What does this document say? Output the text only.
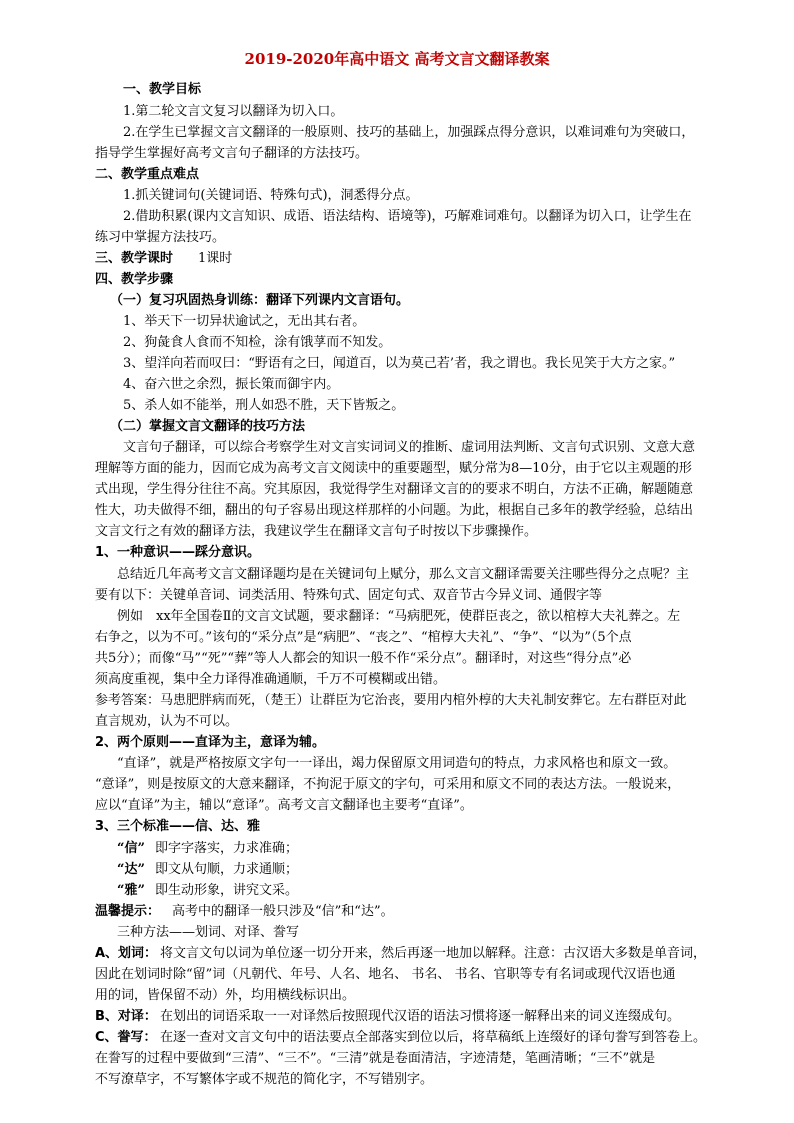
2019-2020年高中语文 高考文言文翻译教案
一、教学目标
1.第二轮文言文复习以翻译为切入口。
2.在学生已掌握文言文翻译的一般原则、技巧的基础上，加强踩点得分意识，以难词难句为突破口，
指导学生掌握好高考文言句子翻译的方法技巧。
二、教学重点难点
1.抓关键词句(关键词语、特殊句式)，洞悉得分点。
2.借助积累(课内文言知识、成语、语法结构、语境等)，巧解难词难句。以翻译为切入口，让学生在
练习中掌握方法技巧。
三、教学课时 1课时
四、教学步骤
（一）复习巩固热身训练：翻译下列课内文言语句。
1、举天下一切异状逾试之，无出其右者。
2、狗彘食人食而不知检，涂有饿莩而不知发。
3、望洋向若而叹曰：“野语有之曰，闻道百，以为莫己若’者，我之谓也。我长见笑于大方之家。”
4、奋六世之余烈，振长策而御宇内。
5、杀人如不能举，刑人如恐不胜，天下皆叛之。
（二）掌握文言文翻译的技巧方法
文言句子翻译，可以综合考察学生对文言实词词义的推断、虚词用法判断、文言句式识别、文意大意
理解等方面的能力，因而它成为高考文言文阅读中的重要题型，赋分常为8—10分，由于它以主观题的形
式出现，学生得分往往不高。究其原因，我觉得学生对翻译文言的的要求不明白，方法不正确，解题随意
性大，功夫做得不细，翻出的句子容易出现这样那样的小问题。为此，根据自己多年的教学经验，总结出
文言文行之有效的翻译方法，我建议学生在翻译文言句子时按以下步骤操作。
1、一种意识——踩分意识。
总结近几年高考文言文翻译题均是在关键词句上赋分，那么文言文翻译需要关注哪些得分之点呢？主
要有以下：关键单音词、词类活用、特殊句式、固定句式、双音节古今异义词、通假字等
例如　xx年全国卷Ⅱ的文言文试题，要求翻译：“马病肥死，使群臣丧之，欲以棺椁大夫礼葬之。左
右争之，以为不可。”该句的“采分点”是“病肥”、“丧之”、“棺椁大夫礼”、“争”、“以为”（5个点
共5分）；而像“马”“死”“葬”等人人都会的知识一般不作“采分点”。翻译时，对这些“得分点”必
须高度重视，集中全力译得准确通顺，千万不可模糊或出错。
参考答案：马患肥胖病而死，（楚王）让群臣为它治丧，要用内棺外椁的大夫礼制安葬它。左右群臣对此
直言规劝，认为不可以。
2、两个原则——直译为主，意译为辅。
“直译”，就是严格按原文字句一一译出，竭力保留原文用词造句的特点，力求风格也和原文一致。
“意译”，则是按原文的大意来翻译，不拘泥于原文的字句，可采用和原文不同的表达方法。一般说来，
应以“直译”为主，辅以“意译”。高考文言文翻译也主要考“直译”。
3、三个标准——信、达、雅
“信” 即字字落实，力求准确；
“达” 即文从句顺，力求通顺；
“雅” 即生动形象，讲究文采。
温馨提示： 高考中的翻译一般只涉及“信”和“达”。
三种方法——划词、对译、誊写
A、划词： 将文言文句以词为单位逐一切分开来，然后再逐一地加以解释。注意：古汉语大多数是单音词，
因此在划词时除“留”词（凡朝代、年号、人名、地名、 书名、 书名、官职等专有名词或现代汉语也通
用的词，皆保留不动）外，均用横线标识出。
B、对译： 在划出的词语采取一一对译然后按照现代汉语的语法习惯将逐一解释出来的词义连缀成句。
C、誊写： 在逐一查对文言文句中的语法要点全部落实到位以后，将草稿纸上连缀好的译句誊写到答卷上。
在誊写的过程中要做到“三清”、“三不”。“三清”就是卷面清洁，字迹清楚，笔画清晰；“三不”就是
不写潦草字，不写繁体字或不规范的简化字，不写错别字。
